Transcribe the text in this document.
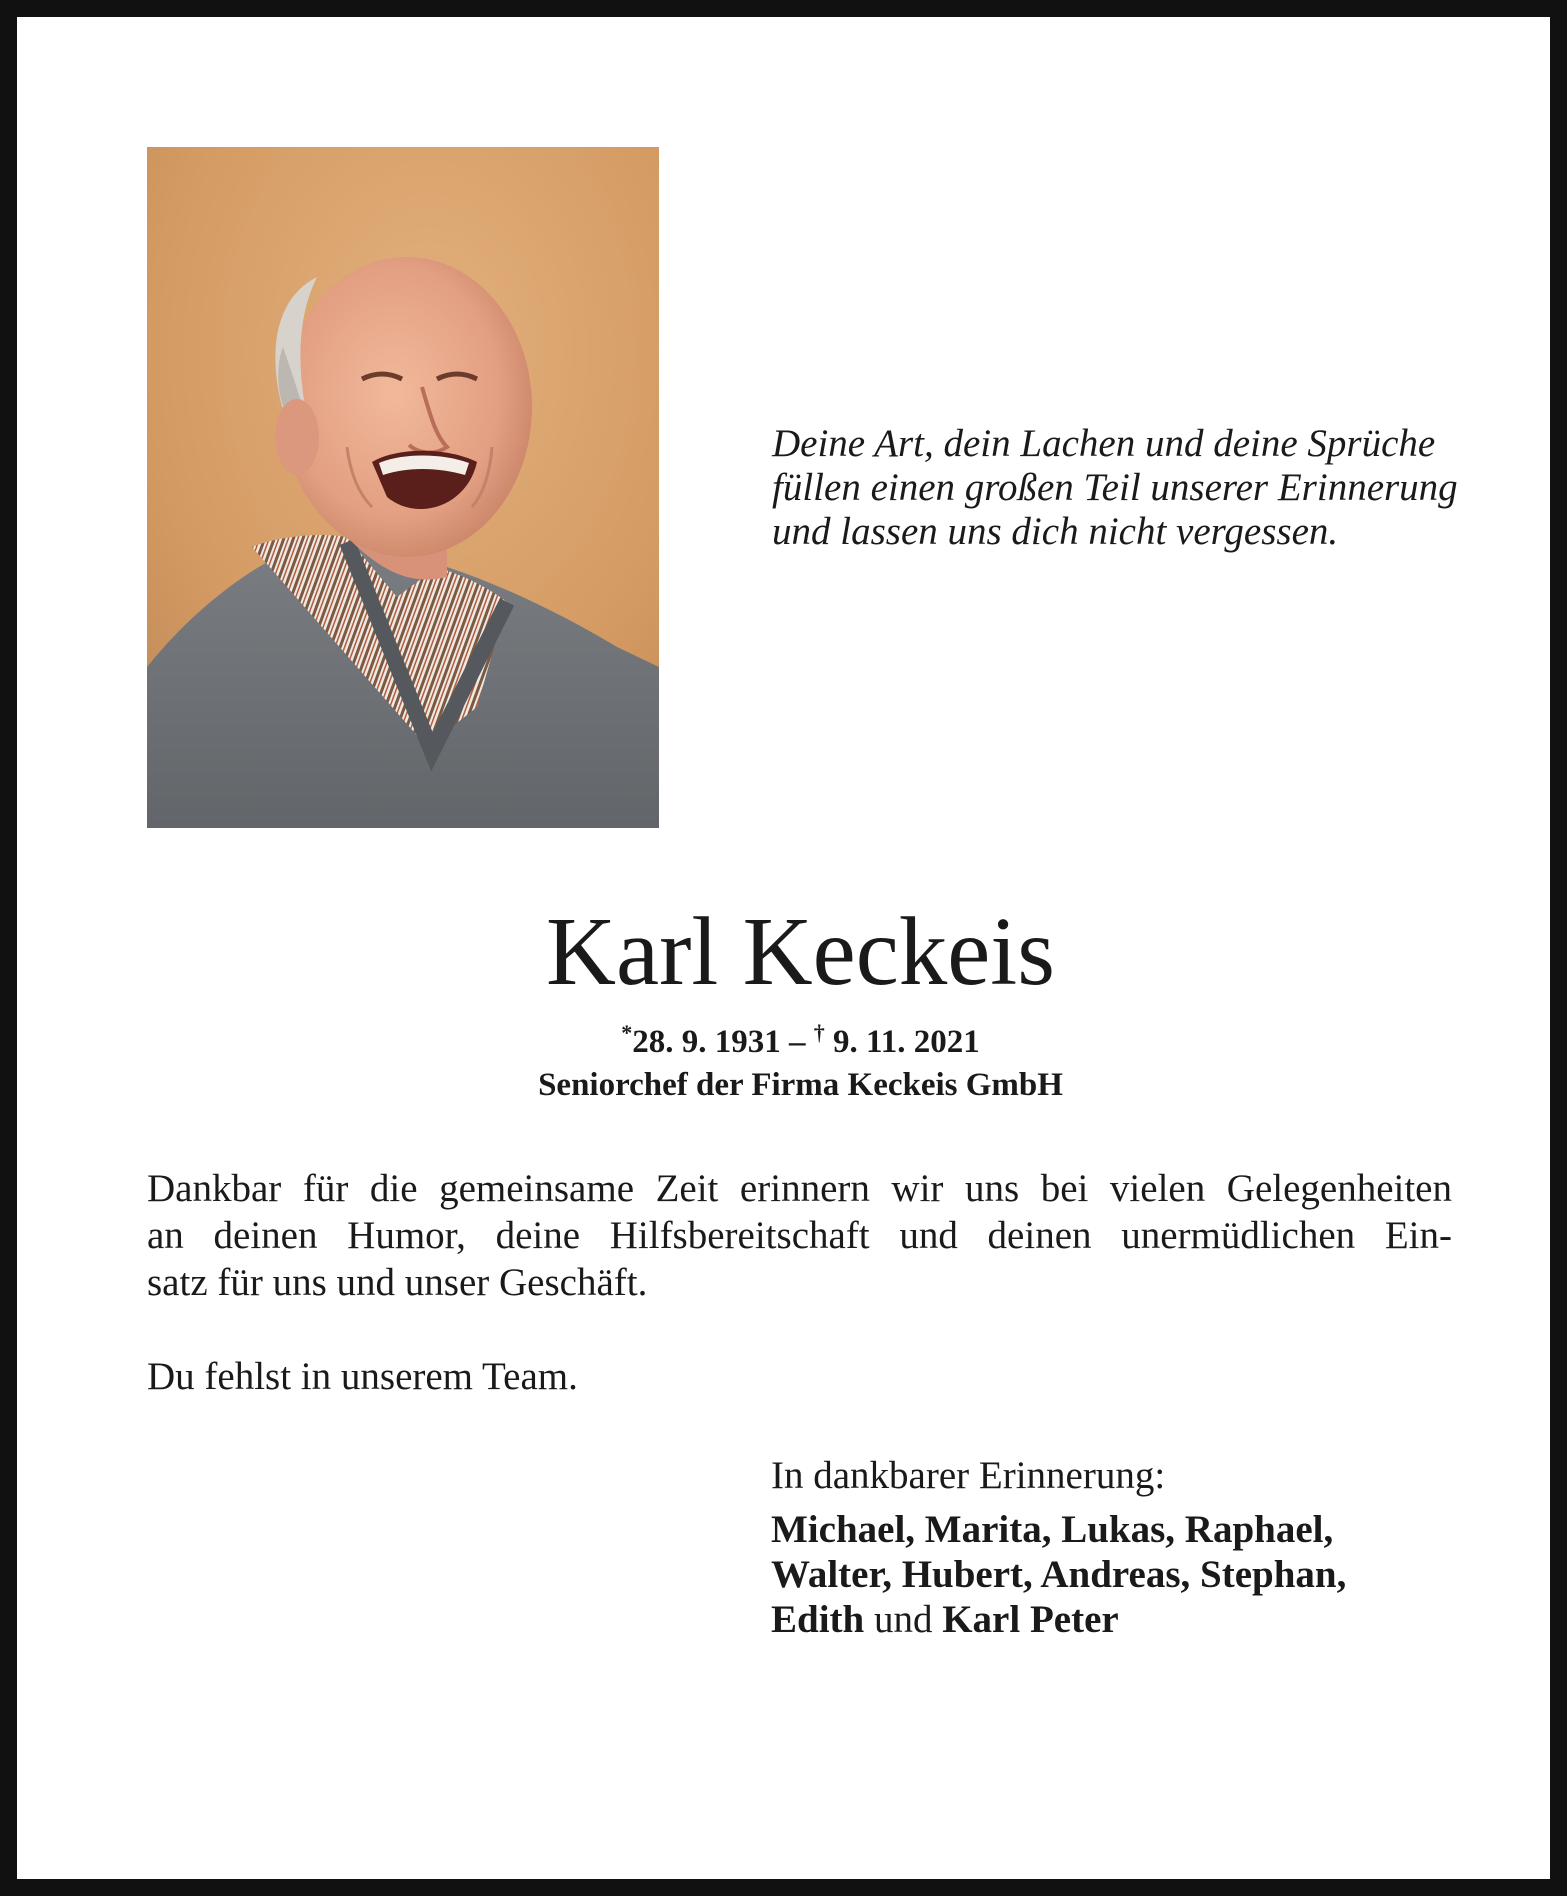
Deine Art, dein Lachen und deine Sprüche
füllen einen großen Teil unserer Erinnerung
und lassen uns dich nicht vergessen.
Karl Keckeis
*28. 9. 1931 – † 9. 11. 2021
Seniorchef der Firma Keckeis GmbH
Dankbar für die gemeinsame Zeit erinnern wir uns bei vielen Gelegenheiten
an deinen Humor, deine Hilfsbereitschaft und deinen unermüdlichen Ein-
satz für uns und unser Geschäft.
Du fehlst in unserem Team.
In dankbarer Erinnerung:
Michael, Marita, Lukas, Raphael,
Walter, Hubert, Andreas, Stephan,
Edith und Karl Peter
